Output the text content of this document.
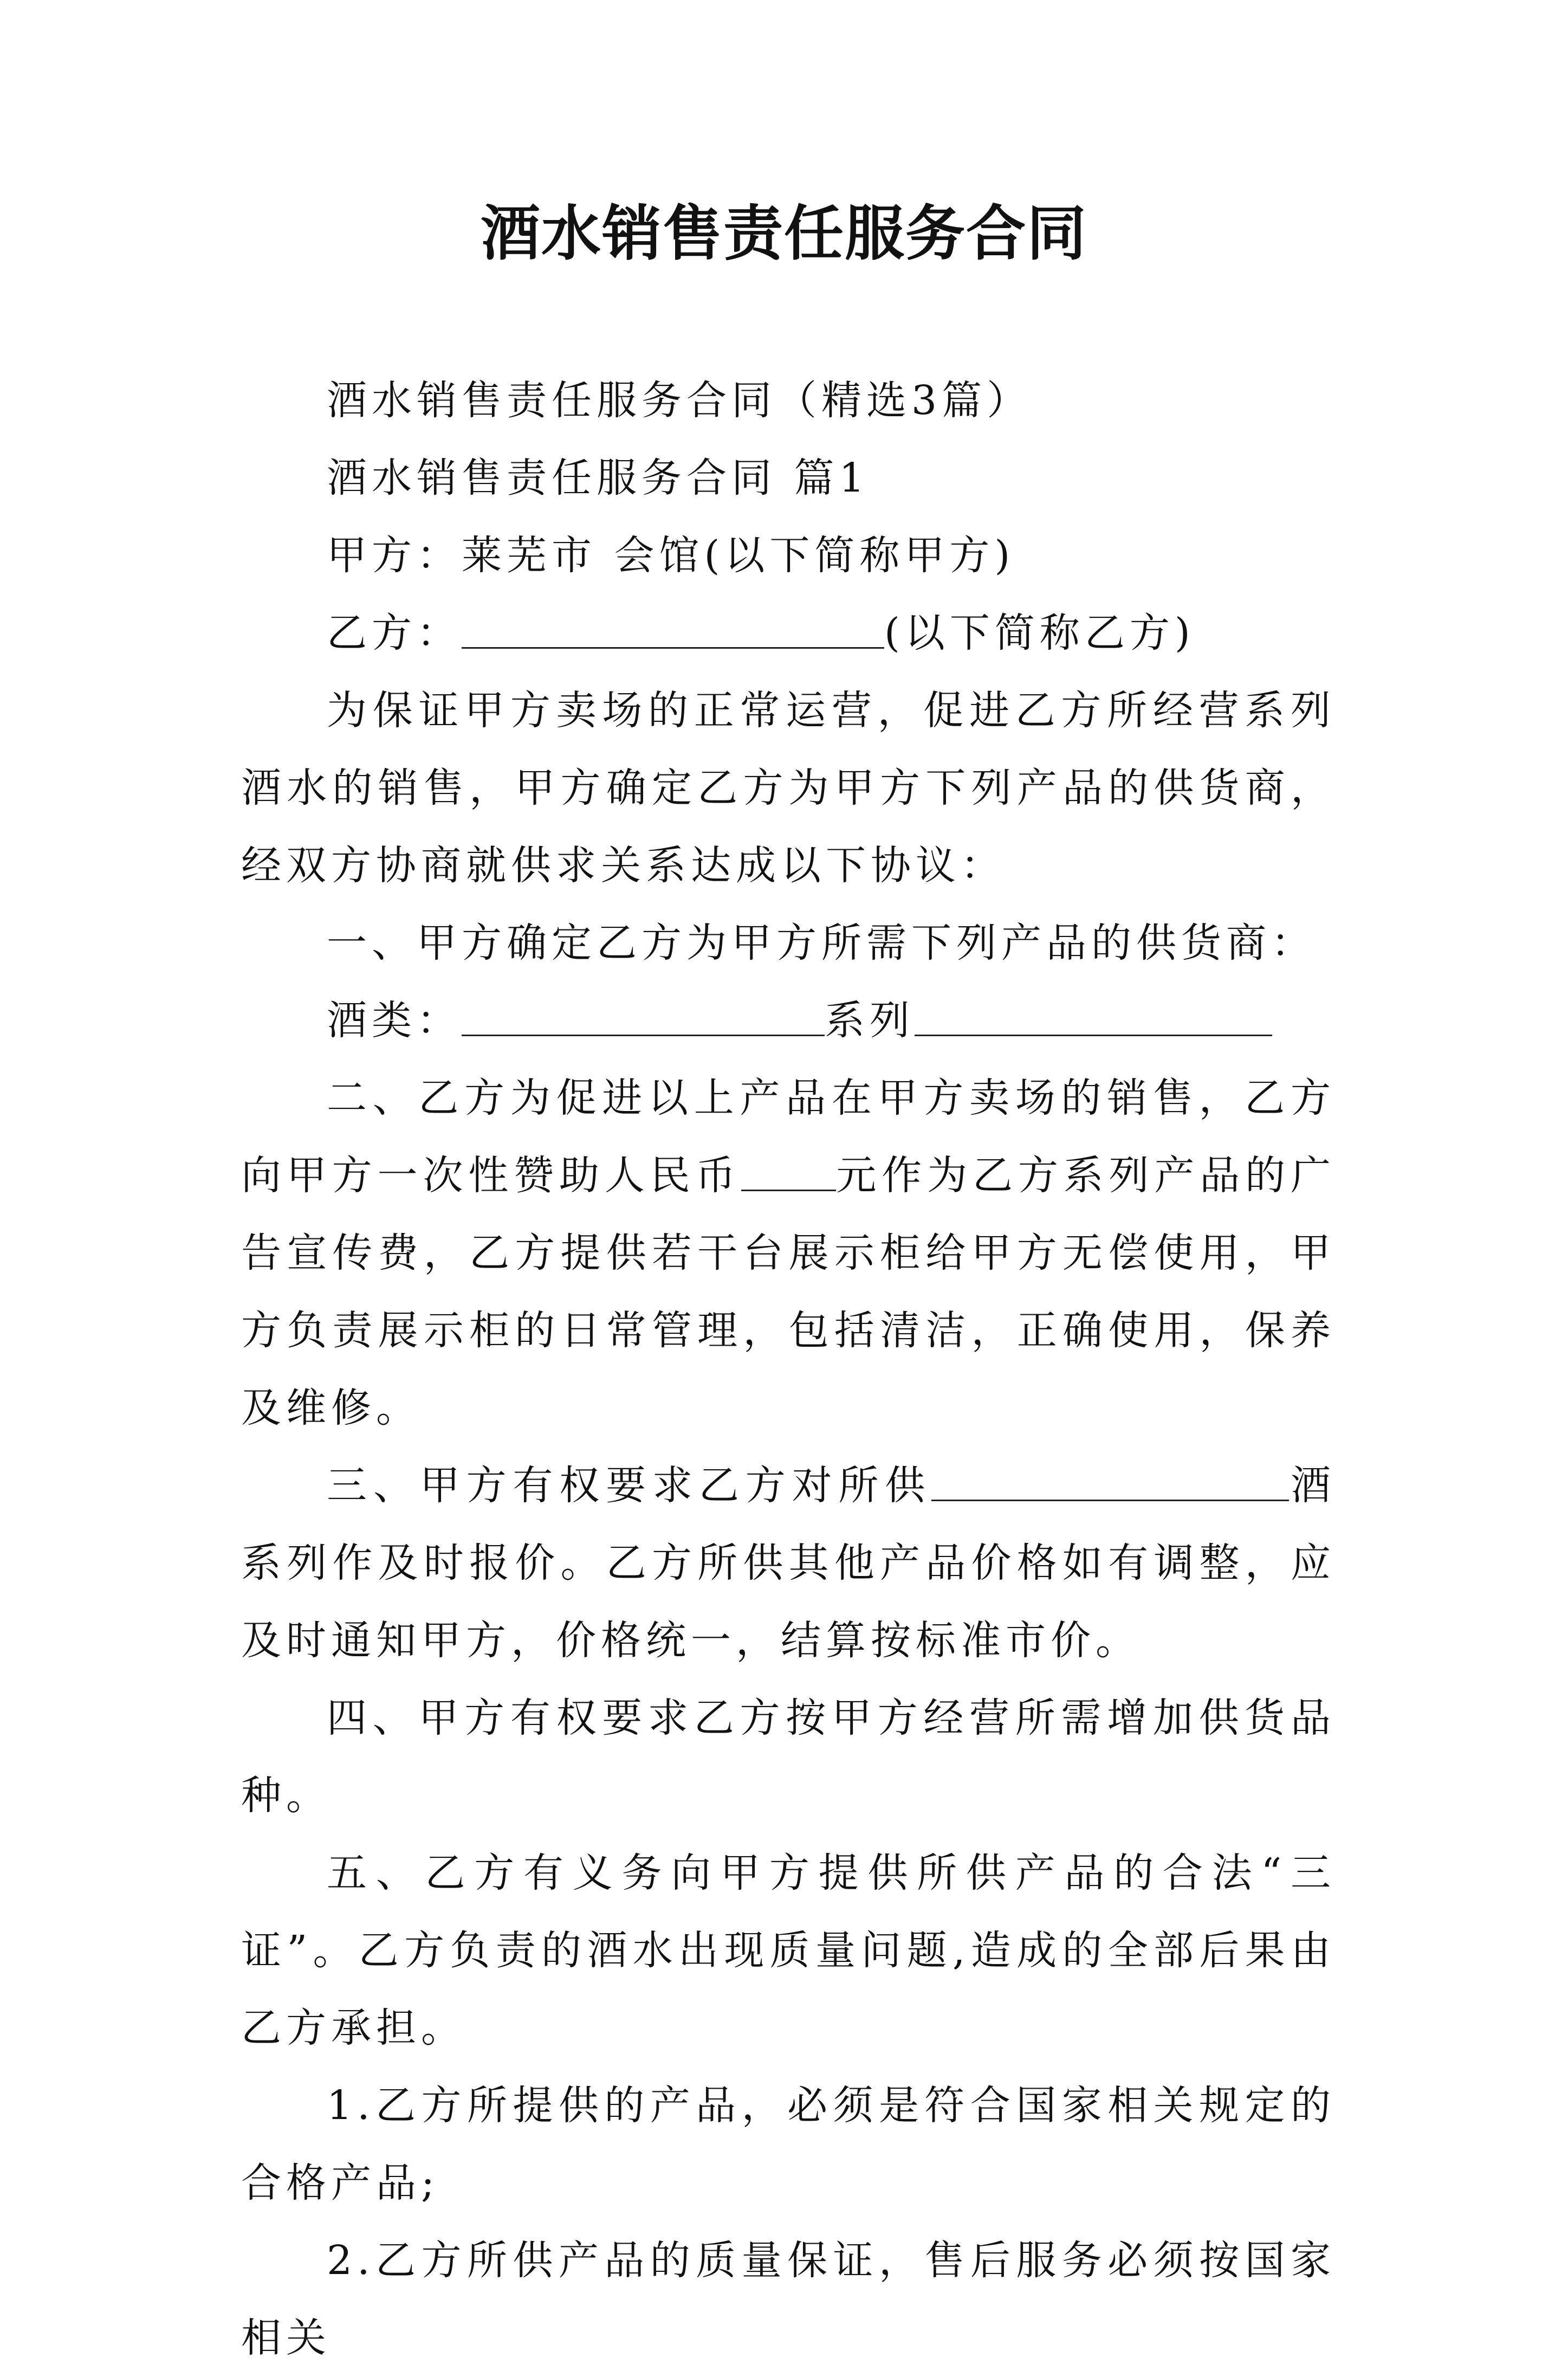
酒水销售责任服务合同

酒水销售责任服务合同（精选3篇）

酒水销售责任服务合同 篇1

甲方：莱芜市 会馆(以下简称甲方)

乙方：	(以下简称乙方)

为保证甲方卖场的正常运营，促进乙方所经营系列酒水的销售，甲方确定乙方为甲方下列产品的供货商，经双方协商就供求关系达成以下协议：

一、甲方确定乙方为甲方所需下列产品的供货商：

酒类：	系列

二、乙方为促进以上产品在甲方卖场的销售，乙方向甲方一次性赞助人民币 元作为乙方系列产品的广告宣传费，乙方提供若干台展示柜给甲方无偿使用，甲方负责展示柜的日常管理，包括清洁，正确使用，保养及维修。

三、甲方有权要求乙方对所供	酒系列作及时报价。乙方所供其他产品价格如有调整，应及时通知甲方，价格统一，结算按标准市价。

四、甲方有权要求乙方按甲方经营所需增加供货品种。

五、乙方有义务向甲方提供所供产品的合法“三证”。乙方负责的酒水出现质量问题,造成的全部后果由乙方承担。

1.乙方所提供的产品，必须是符合国家相关规定的合格产品;

2.乙方所供产品的质量保证，售后服务必须按国家相关
